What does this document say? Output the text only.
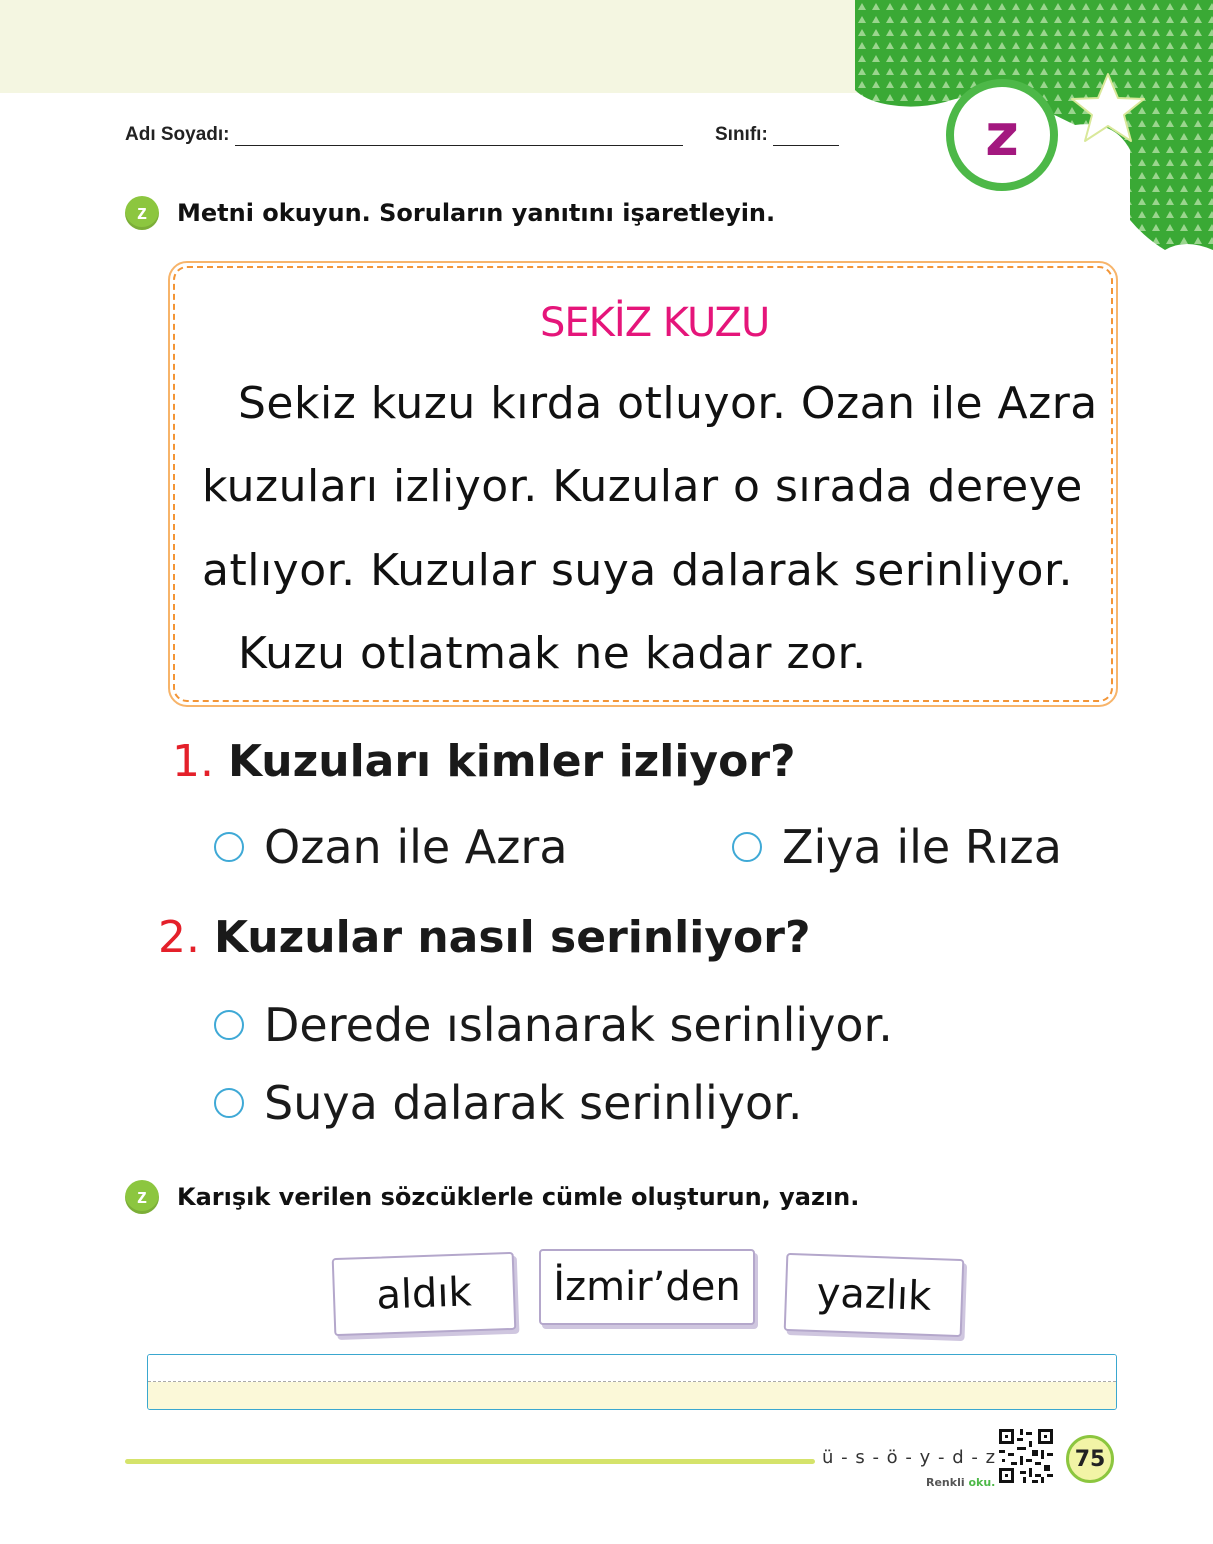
z
Adı Soyadı:	Sınıfı:
z	Metni okuyun. Soruların yanıtını işaretleyin.
SEKİZ KUZU
Sekiz kuzu kırda otluyor. Ozan ile Azra
kuzuları izliyor. Kuzular o sırada dereye
atlıyor. Kuzular suya dalarak serinliyor.
Kuzu otlatmak ne kadar zor.
1. Kuzuları kimler izliyor?
Ozan ile Azra	Ziya ile Rıza
2. Kuzular nasıl serinliyor?
Derede ıslanarak serinliyor.
Suya dalarak serinliyor.
z	Karışık verilen sözcüklerle cümle oluşturun, yazın.
aldık	İzmir’den	yazlık
ü - s - ö - y - d - z
Renkli oku.
75
